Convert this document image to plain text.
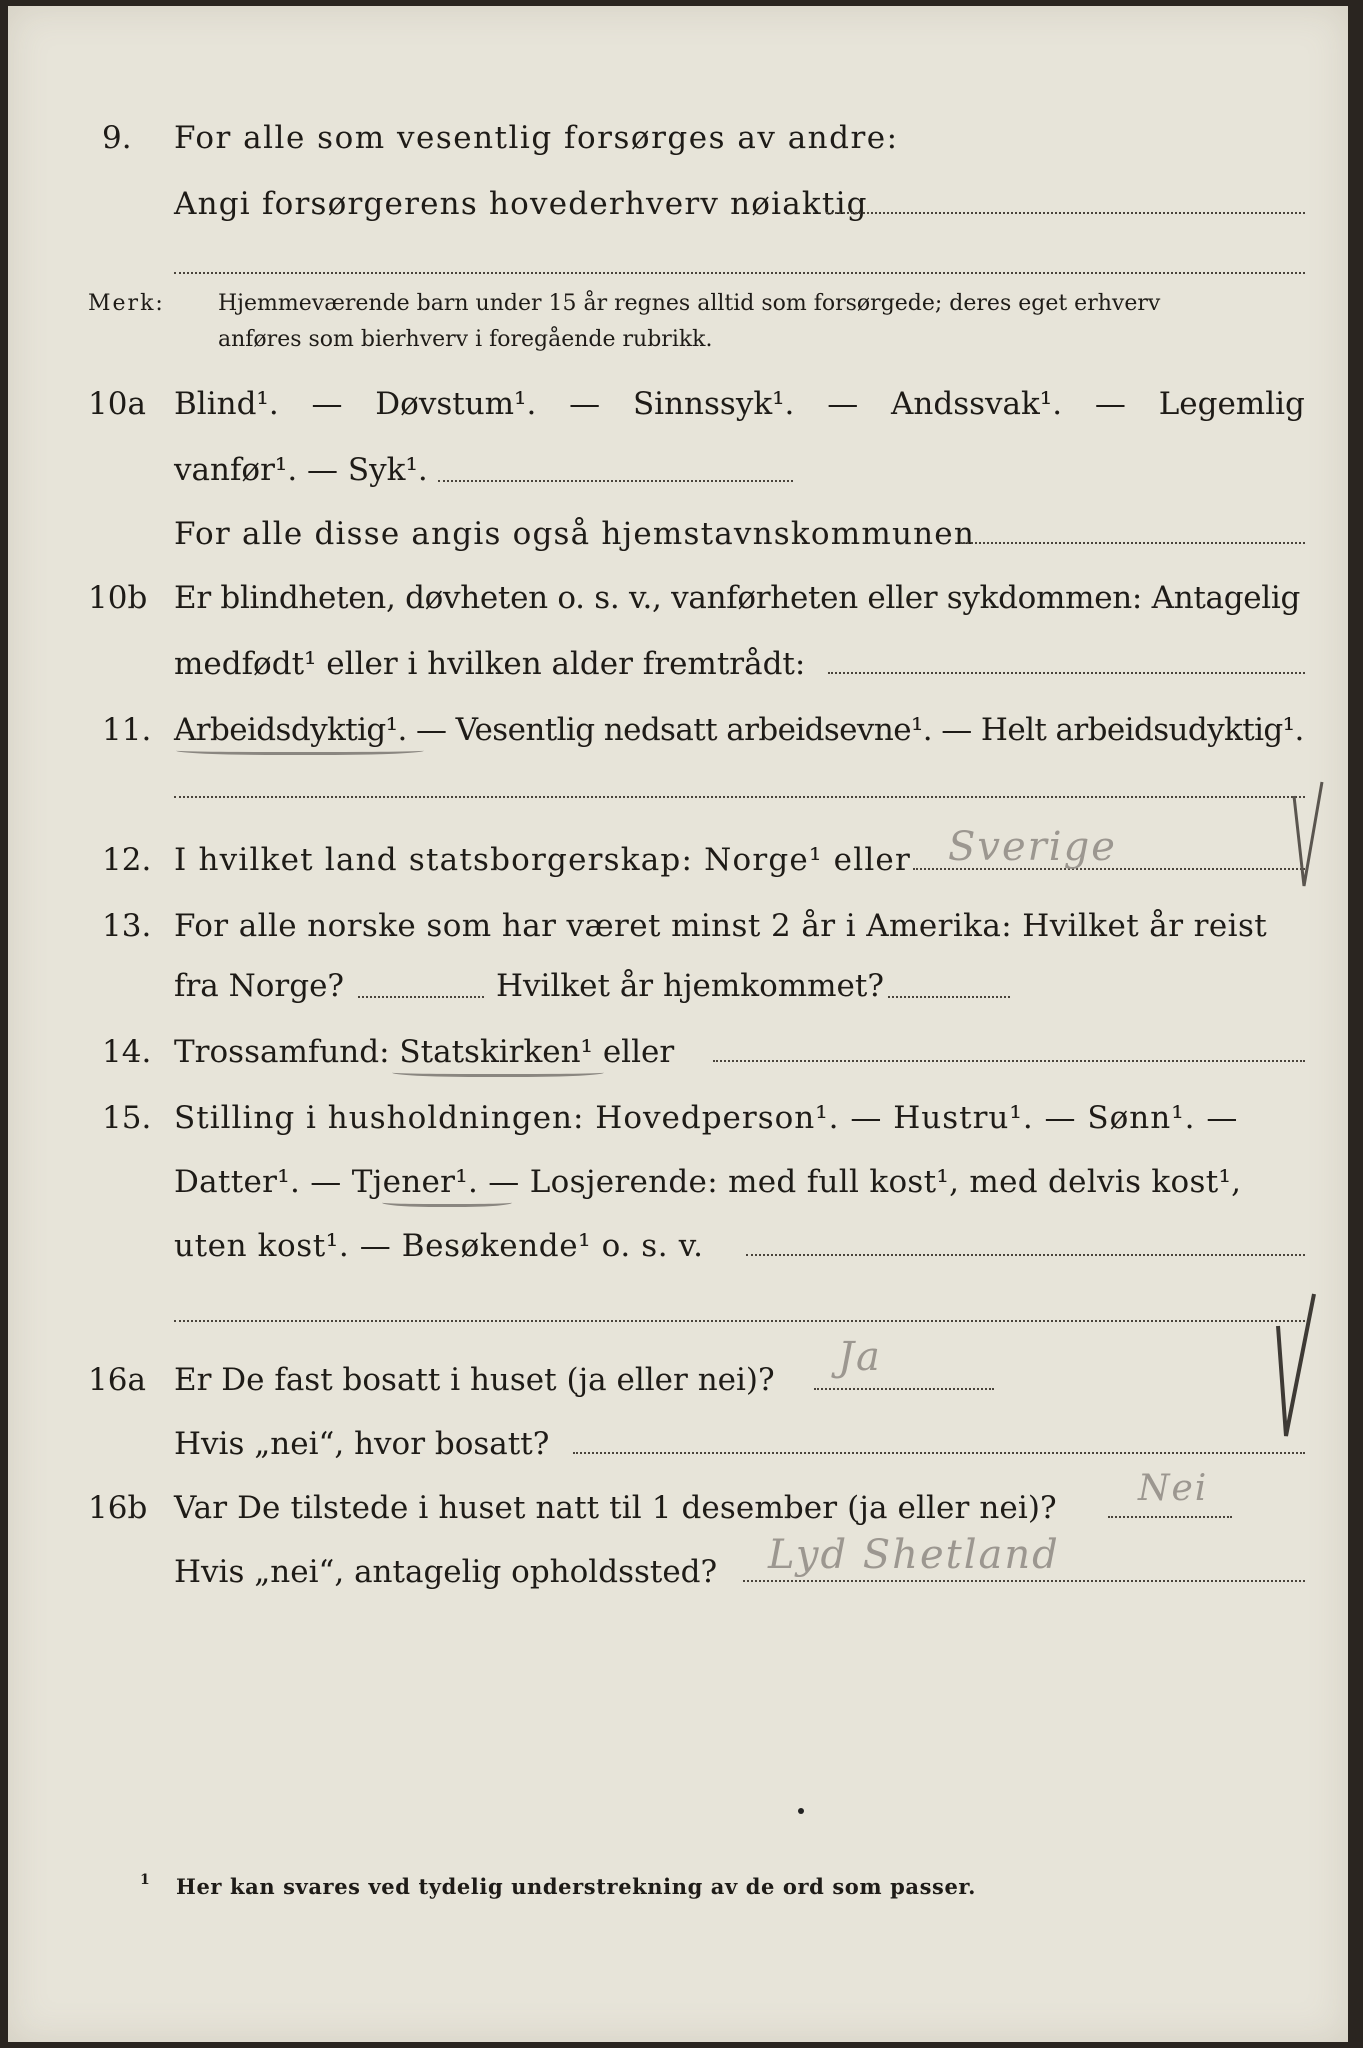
9. For alle som vesentlig forsørges av andre:
Angi forsørgerens hovederhverv nøiaktig
Merk: Hjemmeværende barn under 15 år regnes alltid som forsørgede; deres eget erhverv
anføres som bierhverv i foregående rubrikk.
10a Blind¹. — Døvstum¹. — Sinnssyk¹. — Andssvak¹. — Legemlig
vanfør¹. — Syk¹.
For alle disse angis også hjemstavnskommunen
10b Er blindheten, døvheten o. s. v., vanførheten eller sykdommen: Antagelig
medfødt¹ eller i hvilken alder fremtrådt:
11. Arbeidsdyktig¹. — Vesentlig nedsatt arbeidsevne¹. — Helt arbeidsudyktig¹.
12. I hvilket land statsborgerskap: Norge¹ eller Sverige
13. For alle norske som har været minst 2 år i Amerika: Hvilket år reist
fra Norge?	Hvilket år hjemkommet?
14. Trossamfund: Statskirken¹ eller
15. Stilling i husholdningen: Hovedperson¹. — Hustru¹. — Sønn¹. —
Datter¹. — Tjener¹. — Losjerende: med full kost¹, med delvis kost¹,
uten kost¹. — Besøkende¹ o. s. v.
16a Er De fast bosatt i huset (ja eller nei)? Ja
Hvis „nei“, hvor bosatt?
16b Var De tilstede i huset natt til 1 desember (ja eller nei)? Nei
Hvis „nei“, antagelig opholdssted? Lyd Shetland
1 Her kan svares ved tydelig understrekning av de ord som passer.
